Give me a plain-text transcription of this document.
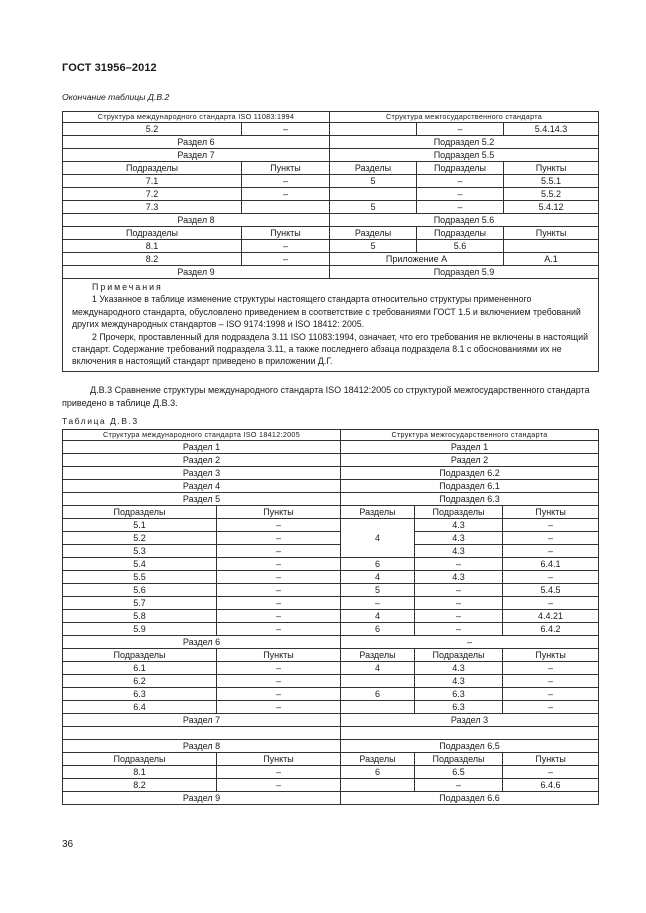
ГОСТ 31956–2012
Окончание таблицы Д.В.2
Структура международного стандарта ISO 11083:1994		Структура межгосударственного стандарта		
5.2	–		–	5.4.14.3
Раздел 6		Подраздел 5.2		
Раздел 7		Подраздел 5.5		
Подразделы	Пункты	Разделы	Подразделы	Пункты
7.1	–	5	–	5.5.1
7.2	–		–	5.5.2
7.3		5	–	5.4.12
Раздел 8		Подраздел 5.6		
Подразделы	Пункты	Разделы	Подразделы	Пункты
8.1	–	5	5.6	
8.2	–	Приложение А		А.1
Раздел 9		Подраздел 5.9		

Примечания
1 Указанное в таблице изменение структуры настоящего стандарта относительно структуры примененного международного стандарта, обусловлено приведением в соответствие с требованиями ГОСТ 1.5 и включением требований других международных стандартов – ISO 9174:1998 и ISO 18412: 2005.
2 Прочерк, проставленный для подраздела 3.11 ISO 11083:1994, означает, что его требования не включены в настоящий стандарт. Содержание требований подраздела 3.11, а также последнего абзаца подраздела 8.1 с обоснованиями их не включения в настоящий стандарт приведено в приложении Д.Г.				
Д.В.3 Сравнение структуры международного стандарта ISO 18412:2005 со структурой межгосударственного стандарта приведено в таблице Д.В.3.
Таблица Д.В.3
Структура международного стандарта ISO 18412:2005		Структура межгосударственного стандарта		
Раздел 1		Раздел 1		
Раздел 2		Раздел 2		
Раздел 3		Подраздел 6.2		
Раздел 4		Подраздел 6.1		
Раздел 5		Подраздел 6.3		
Подразделы	Пункты	Разделы	Подразделы	Пункты
5.1	–	4	4.3	–
5.2	–		4.3	–
5.3	–		4.3	–
5.4	–	6	–	6.4.1
5.5	–	4	4.3	–
5.6	–	5	–	5.4.5
5.7	–	–	–	–
5.8	–	4	–	4.4.21
5.9	–	6	–	6.4.2
Раздел 6		–		
Подразделы	Пункты	Разделы	Подразделы	Пункты
6.1	–	4	4.3	–
6.2	–		4.3	–
6.3	–	6	6.3	–
6.4	–		6.3	–
Раздел 7		Раздел 3		

Раздел 8		Подраздел 6.5		
Подразделы	Пункты	Разделы	Подразделы	Пункты
8.1	–	6	6.5	–
8.2	–		–	6.4.6
Раздел 9		Подраздел 6.6		
36
